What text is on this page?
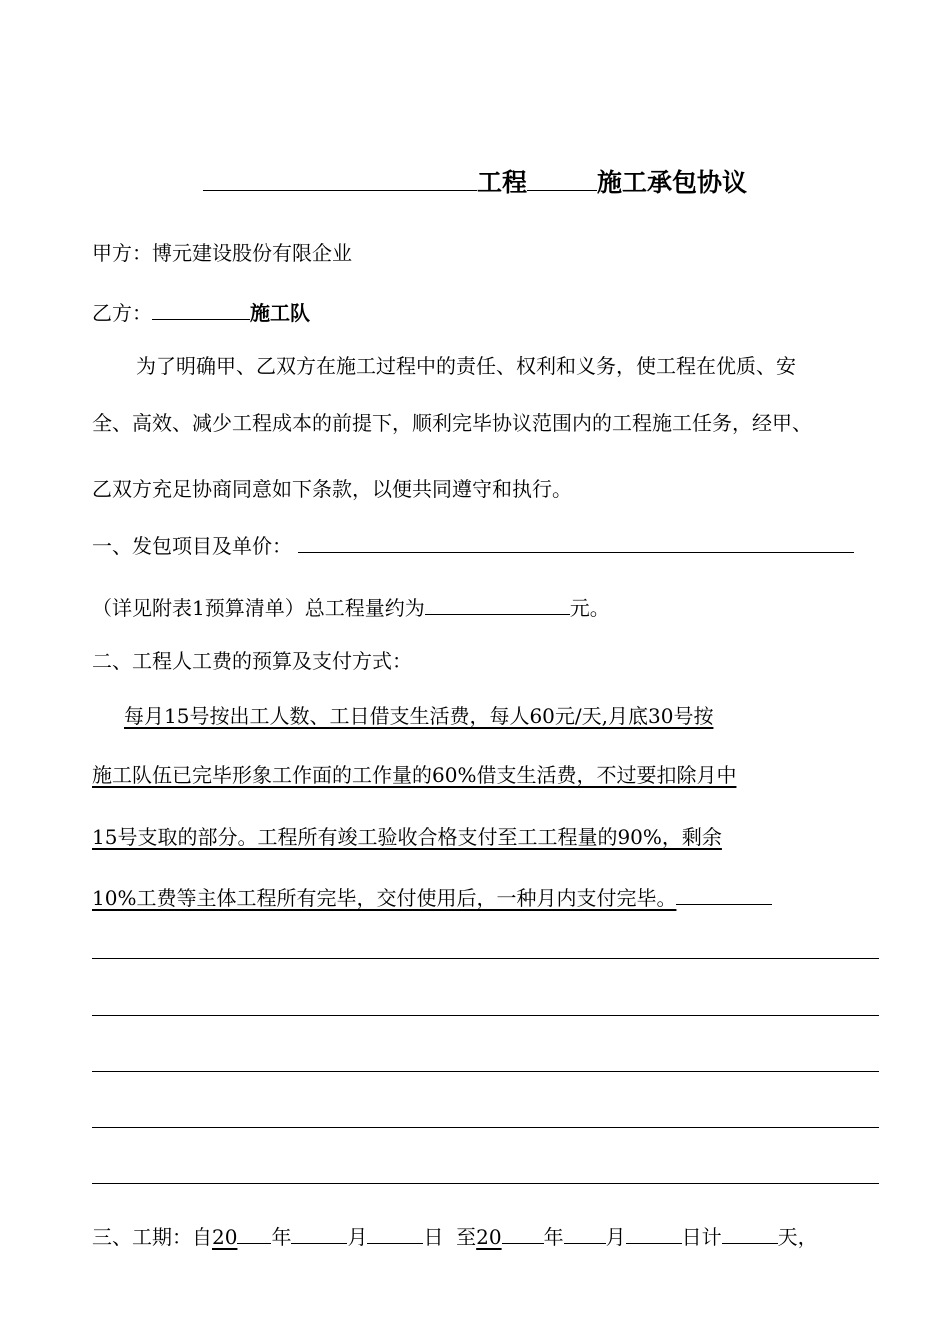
工程	施工承包协议
甲方：博元建设股份有限企业
乙方：	施工队
为了明确甲、乙双方在施工过程中的责任、权利和义务，使工程在优质、安
全、高效、减少工程成本的前提下，顺利完毕协议范围内的工程施工任务，经甲、
乙双方充足协商同意如下条款，以便共同遵守和执行。
一、发包项目及单价：
（详见附表1预算清单）总工程量约为	元。
二、工程人工费的预算及支付方式：
每月15号按出工人数、工日借支生活费，每人60元/天,月底30号按
施工队伍已完毕形象工作面的工作量的60%借支生活费，不过要扣除月中
15号支取的部分。工程所有竣工验收合格支付至工工程量的90%，剩余
10%工费等主体工程所有完毕，交付使用后，一种月内支付完毕。
三、工期：自20 年	月	日 至20 年 月	日计	天，
